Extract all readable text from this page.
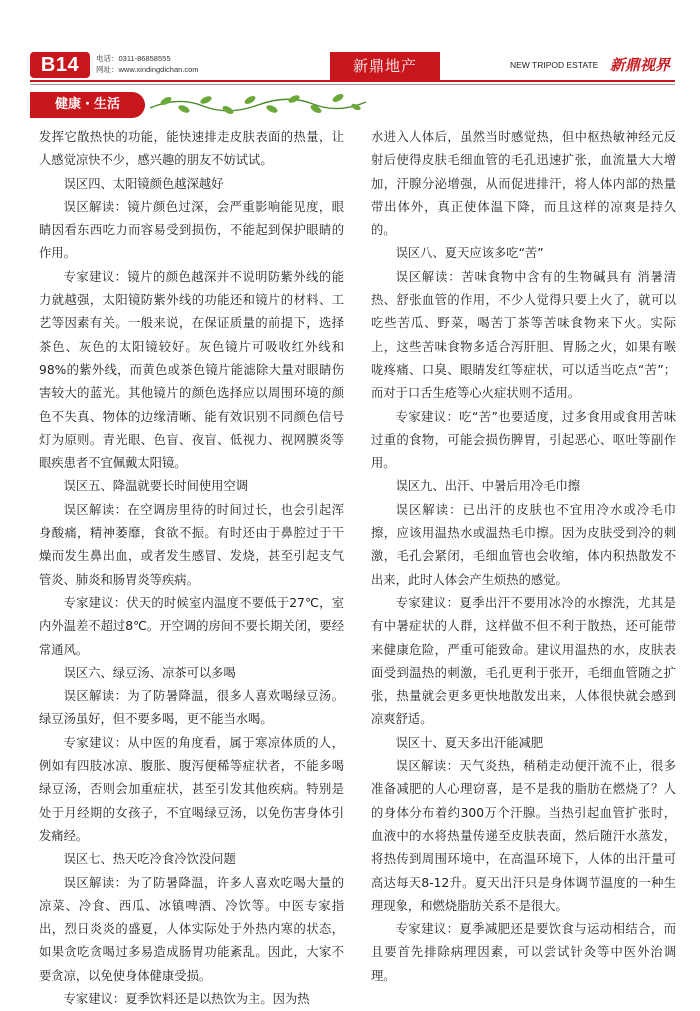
B14	电话：0311-86858555
网址：www.xindingdichan.com	新鼎地产	NEW TRIPOD ESTATE 新鼎视界
健康・生活

发挥它散热快的功能，能快速排走皮肤表面的热量，让人感觉凉快不少，感兴趣的朋友不妨试试。

误区四、太阳镜颜色越深越好

误区解读：镜片颜色过深，会严重影响能见度，眼睛因看东西吃力而容易受到损伤，不能起到保护眼睛的作用。

专家建议：镜片的颜色越深并不说明防紫外线的能力就越强，太阳镜防紫外线的功能还和镜片的材料、工艺等因素有关。一般来说，在保证质量的前提下，选择 茶色、灰色的太阳镜较好。灰色镜片可吸收红外线和98%的紫外线，而黄色或茶色镜片能滤除大量对眼睛伤害较大的蓝光。其他镜片的颜色选择应以周围环境的颜色不失真、物体的边缘清晰、能有效识别不同颜色信号灯为原则。青光眼、色盲、夜盲、低视力、视网膜炎等眼疾患者不宜佩戴太阳镜。

误区五、降温就要长时间使用空调

误区解读：在空调房里待的时间过长，也会引起浑身酸痛，精神萎靡，食欲不振。有时还由于鼻腔过于干燥而发生鼻出血，或者发生感冒、发烧，甚至引起支气管炎、肺炎和肠胃炎等疾病。

专家建议：伏天的时候室内温度不要低于27℃，室内外温差不超过8℃。开空调的房间不要长期关闭，要经常通风。

误区六、绿豆汤、凉茶可以多喝

误区解读：为了防暑降温，很多人喜欢喝绿豆汤。绿豆汤虽好，但不要多喝，更不能当水喝。

专家建议：从中医的角度看，属于寒凉体质的人，例如有四肢冰凉、腹胀、腹泻便稀等症状者，不能多喝绿豆汤，否则会加重症状，甚至引发其他疾病。特别是处于月经期的女孩子，不宜喝绿豆汤，以免伤害身体引发痛经。

误区七、热天吃冷食冷饮没问题

误区解读：为了防暑降温，许多人喜欢吃喝大量的凉菜、冷食、西瓜、冰镇啤酒、冷饮等。中医专家指出，烈日炎炎的盛夏，人体实际处于外热内寒的状态，如果贪吃贪喝过多易造成肠胃功能紊乱。因此，大家不要贪凉，以免使身体健康受损。

专家建议：夏季饮料还是以热饮为主。因为热

水进入人体后，虽然当时感觉热，但中枢热敏神经元反射后使得皮肤毛细血管的毛孔迅速扩张，血流量大大增加，汗腺分泌增强，从而促进排汗，将人体内部的热量带出体外，真正使体温下降，而且这样的凉爽是持久的。

误区八、夏天应该多吃“苦”

误区解读：苦味食物中含有的生物碱具有 消暑清热、舒张血管的作用，不少人觉得只要上火了，就可以吃些苦瓜、野菜，喝苦丁茶等苦味食物来下火。实际上，这些苦味食物多适合泻肝胆、胃肠之火，如果有喉咙疼痛、口臭、眼睛发红等症状，可以适当吃点“苦”；而对于口舌生疮等心火症状则不适用。

专家建议：吃“苦”也要适度，过多食用或食用苦味过重的食物，可能会损伤脾胃，引起恶心、呕吐等副作用。

误区九、出汗、中暑后用冷毛巾擦

误区解读：已出汗的皮肤也不宜用冷水或冷毛巾擦，应该用温热水或温热毛巾擦。因为皮肤受到冷的刺激，毛孔会紧闭，毛细血管也会收缩，体内积热散发不出来，此时人体会产生烦热的感觉。

专家建议：夏季出汗不要用冰冷的水擦洗，尤其是有中暑症状的人群，这样做不但不利于散热，还可能带来健康危险，严重可能致命。建议用温热的水，皮肤表面受到温热的刺激，毛孔更利于张开，毛细血管随之扩张，热量就会更多更快地散发出来，人体很快就会感到凉爽舒适。

误区十、夏天多出汗能减肥

误区解读：天气炎热，稍稍走动便汗流不止，很多准备减肥的人心理窃喜，是不是我的脂肪在燃烧了？人的身体分布着约300万个汗腺。当热引起血管扩张时，血液中的水将热量传递至皮肤表面，然后随汗水蒸发，将热传到周围环境中，在高温环境下，人体的出汗量可高达每天8-12升。夏天出汗只是身体调节温度的一种生理现象，和燃烧脂肪关系不是很大。

专家建议：夏季减肥还是要饮食与运动相结合，而且要首先排除病理因素，可以尝试针灸等中医外治调理。
